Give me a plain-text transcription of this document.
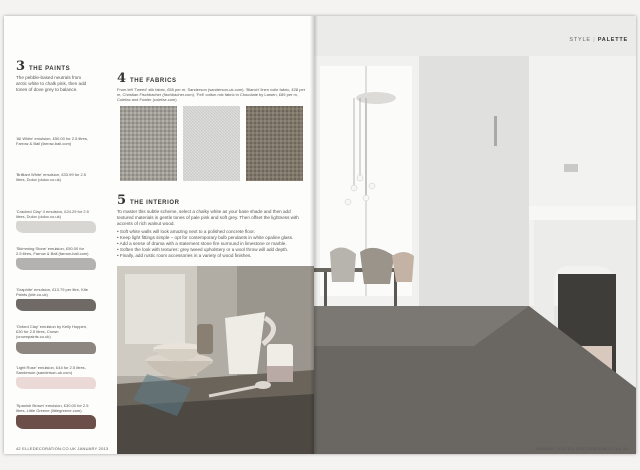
3 THE PAINTS
The pebble-based neutrals from arctic white to chalk pink, then add tones of dove grey to balance.
'All White' emulsion, £50.00 for 2.5 litres, Farrow & Ball (farrow-ball.com)
'Brilliant White' emulsion, £33.99 for 2.5 litres, Dulux (dulux.co.uk)
'Cracked Clay' 4 emulsion, £24.29 for 2.5 litres, Dulux (dulux.co.uk)
'Skimming Stone' emulsion, £50.00 for 2.5 litres, Farrow & Ball (farrow-ball.com)
'Graphite' emulsion, £13.79 per litre, Kite Paints (kite.co.uk)
'Oxford Clay' emulsion by Kelly Hoppen, £30 for 2.5 litres, Crown (crownpaints.co.uk)
'Light Rose' emulsion, £44 for 2.5 litres, Sanderson (sanderson-uk.com)
'Spanish Brown' emulsion, £30.00 for 2.5 litres, Little Greene (littlegreene.com)
4 THE FABRICS
From left 'Tweed' silk fabric, £55 per m, Sanderson (sanderson-uk.com). 'Blanch' linen voile fabric, £28 per m, Christian Fischbacher (fischbacher.com). 'Felt' cotton mix fabric in Chocolate by Larsen, £89 per m, Colefax and Fowler (colefax.com)
5 THE INTERIOR
To master this subtle scheme, select a chalky white as your base shade and then add textured materials in gentle tones of pale pink and soft grey. Then offset the lightness with accents of rich walnut wood.
• Soft white walls will look amazing next to a polished concrete floor.
• Keep light fittings simple – opt for contemporary bulb pendants in white opaline glass.
• Add a sense of drama with a statement stone fire surround in limestone or marble.
• Soften the look with textures: grey tweed upholstery or a wool throw will add depth.
• Finally, add rustic room accessories in a variety of wood finishes.
42 ELLEDECORATION.CO.UK JANUARY 2013
STYLE | PALETTE
JANUARY 2013 ELLEDECORATION.CO.UK 43
